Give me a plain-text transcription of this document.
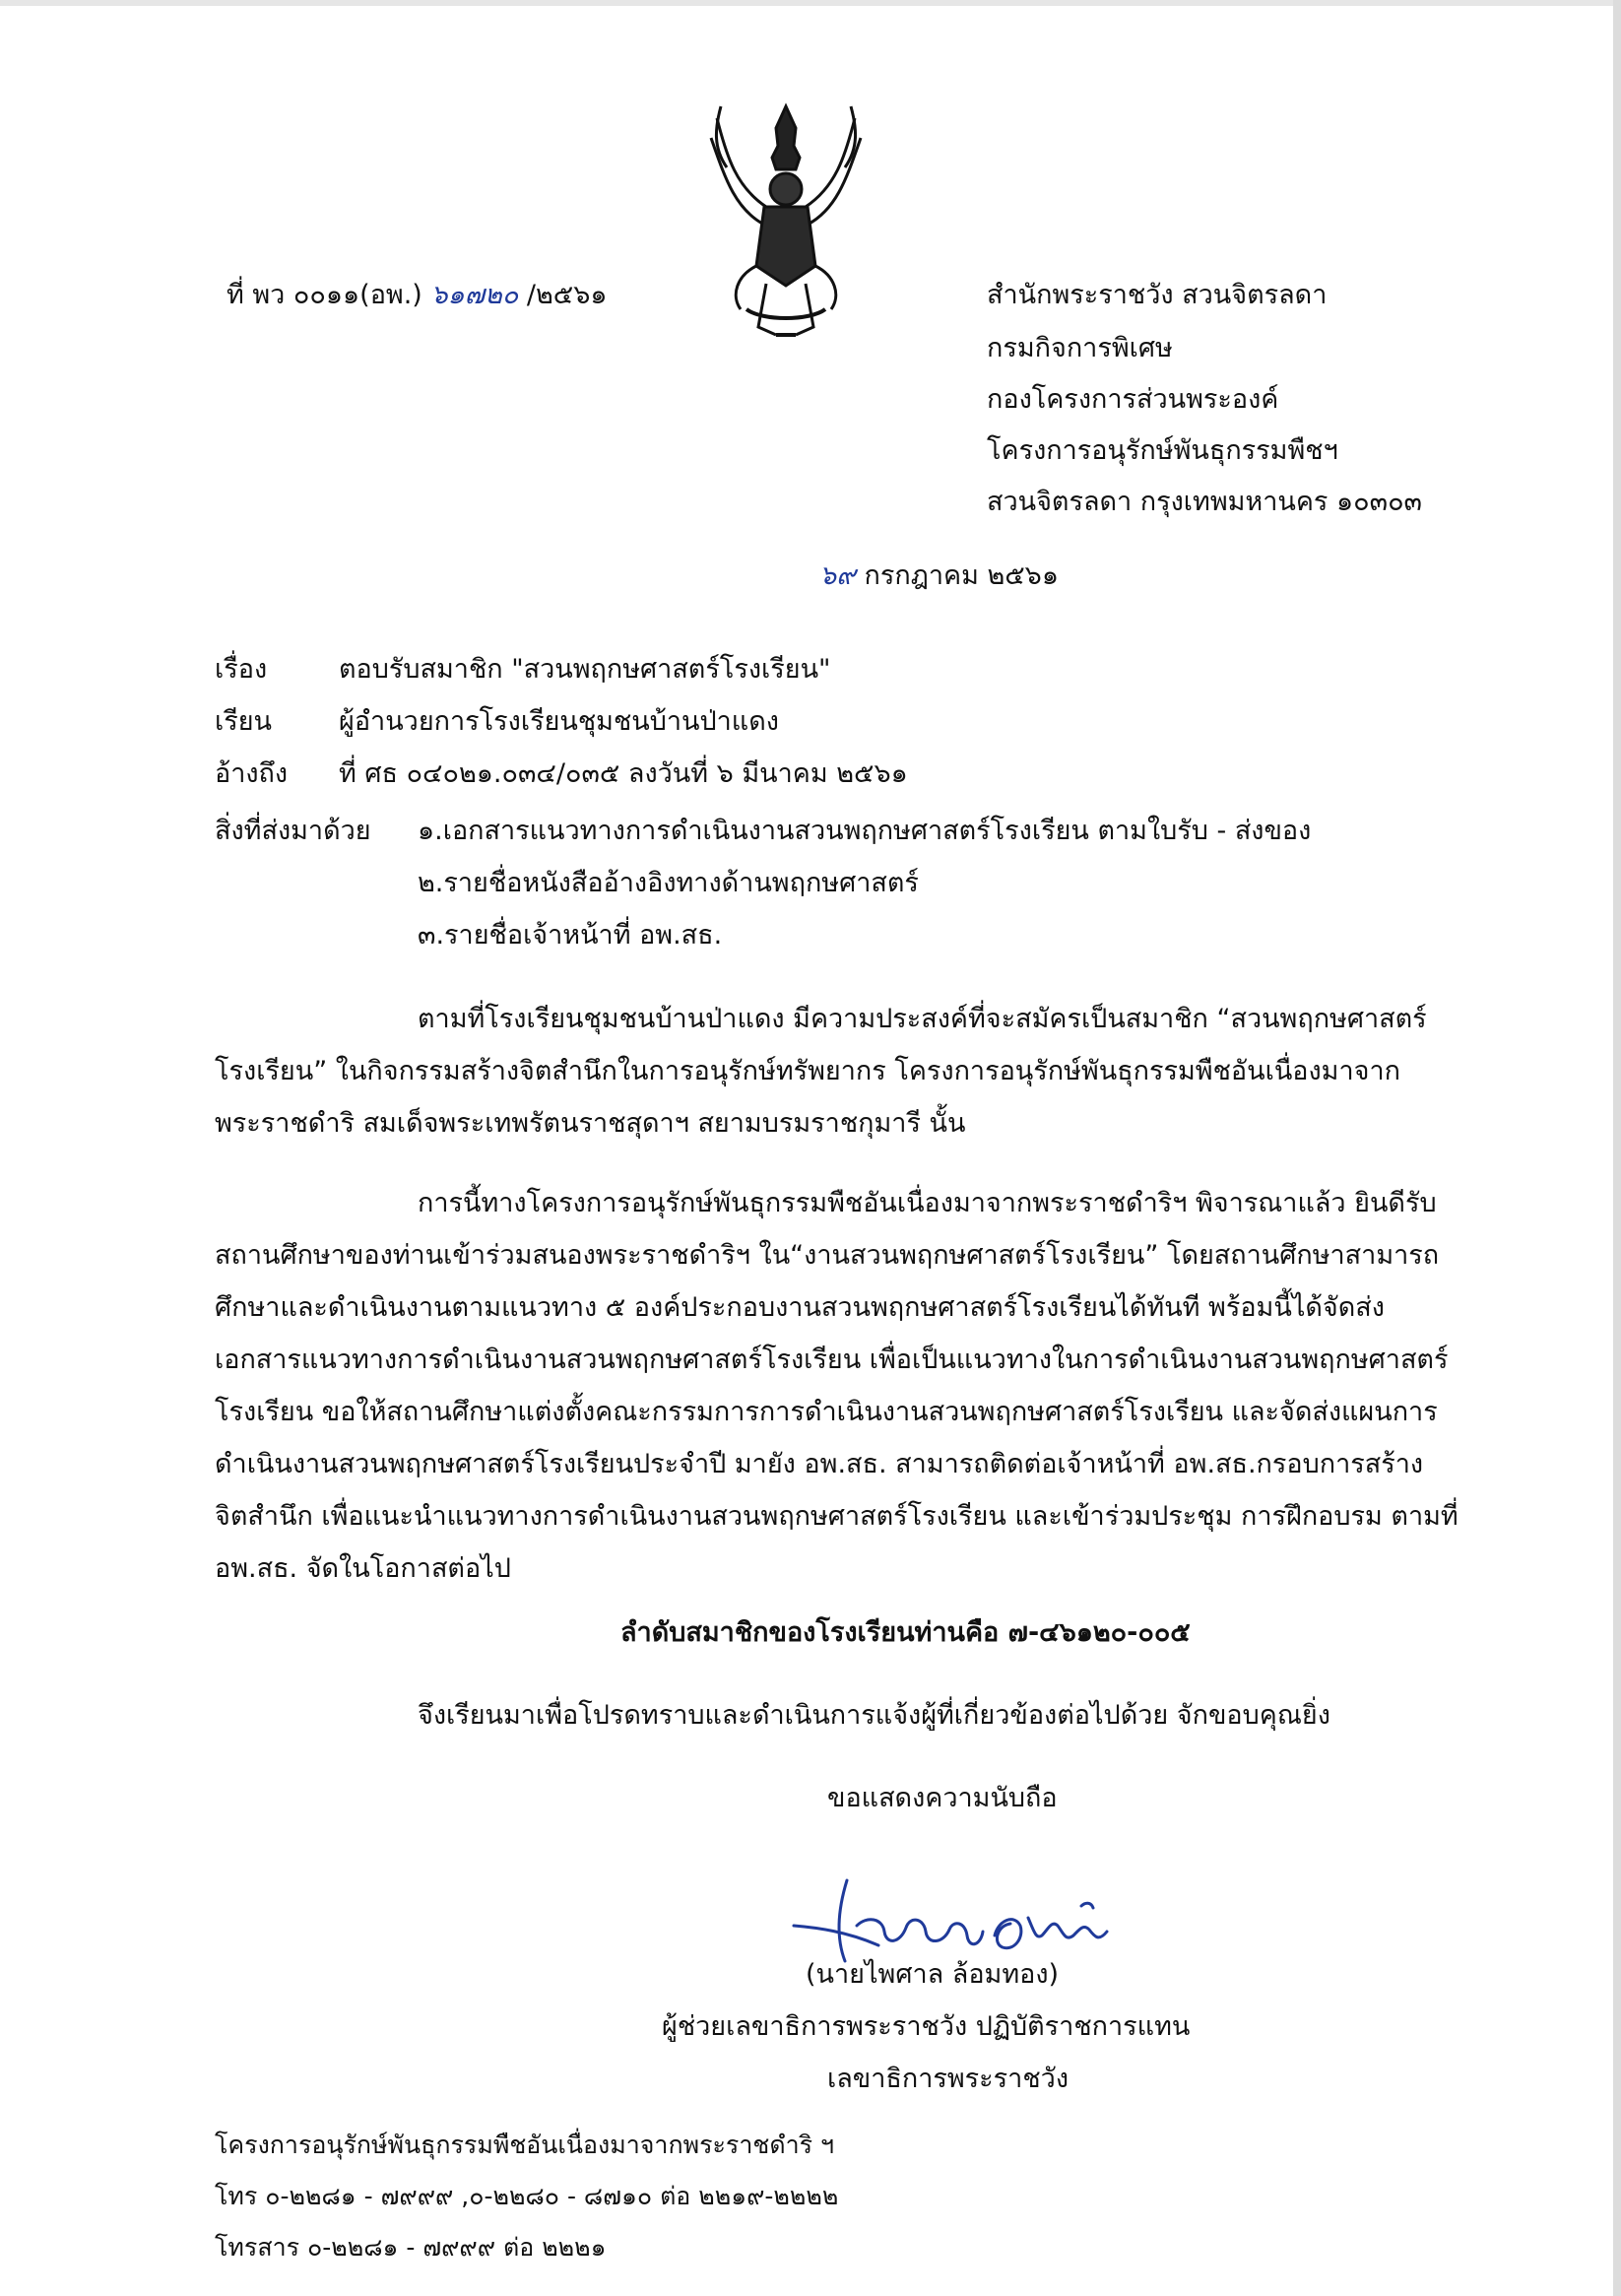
ที่ พว ๐๐๑๑(อพ.) ๖๑๗๒๐ /๒๕๖๑	สำนักพระราชวัง สวนจิตรลดา
กรมกิจการพิเศษ
กองโครงการส่วนพระองค์
โครงการอนุรักษ์พันธุกรรมพืชฯ
สวนจิตรลดา กรุงเทพมหานคร ๑๐๓๐๓
๖๙ กรกฎาคม ๒๕๖๑
เรื่อง	ตอบรับสมาชิก "สวนพฤกษศาสตร์โรงเรียน"
เรียน	ผู้อำนวยการโรงเรียนชุมชนบ้านป่าแดง
อ้างถึง ที่ ศธ ๐๔๐๒๑.๐๓๔/๐๓๕ ลงวันที่ ๖ มีนาคม ๒๕๖๑
สิ่งที่ส่งมาด้วย ๑.เอกสารแนวทางการดำเนินงานสวนพฤกษศาสตร์โรงเรียน ตามใบรับ - ส่งของ
๒.รายชื่อหนังสืออ้างอิงทางด้านพฤกษศาสตร์
๓.รายชื่อเจ้าหน้าที่ อพ.สธ.
ตามที่โรงเรียนชุมชนบ้านป่าแดง มีความประสงค์ที่จะสมัครเป็นสมาชิก “สวนพฤกษศาสตร์
โรงเรียน” ในกิจกรรมสร้างจิตสำนึกในการอนุรักษ์ทรัพยากร โครงการอนุรักษ์พันธุกรรมพืชอันเนื่องมาจาก
พระราชดำริ สมเด็จพระเทพรัตนราชสุดาฯ สยามบรมราชกุมารี นั้น
การนี้ทางโครงการอนุรักษ์พันธุกรรมพืชอันเนื่องมาจากพระราชดำริฯ พิจารณาแล้ว ยินดีรับ
สถานศึกษาของท่านเข้าร่วมสนองพระราชดำริฯ ใน“งานสวนพฤกษศาสตร์โรงเรียน” โดยสถานศึกษาสามารถ
ศึกษาและดำเนินงานตามแนวทาง ๕ องค์ประกอบงานสวนพฤกษศาสตร์โรงเรียนได้ทันที พร้อมนี้ได้จัดส่ง
เอกสารแนวทางการดำเนินงานสวนพฤกษศาสตร์โรงเรียน เพื่อเป็นแนวทางในการดำเนินงานสวนพฤกษศาสตร์
โรงเรียน ขอให้สถานศึกษาแต่งตั้งคณะกรรมการการดำเนินงานสวนพฤกษศาสตร์โรงเรียน และจัดส่งแผนการ
ดำเนินงานสวนพฤกษศาสตร์โรงเรียนประจำปี มายัง อพ.สธ. สามารถติดต่อเจ้าหน้าที่ อพ.สธ.กรอบการสร้าง
จิตสำนึก เพื่อแนะนำแนวทางการดำเนินงานสวนพฤกษศาสตร์โรงเรียน และเข้าร่วมประชุม การฝึกอบรม ตามที่
อพ.สธ. จัดในโอกาสต่อไป
ลำดับสมาชิกของโรงเรียนท่านคือ ๗-๔๖๑๒๐-๐๐๕
จึงเรียนมาเพื่อโปรดทราบและดำเนินการแจ้งผู้ที่เกี่ยวข้องต่อไปด้วย จักขอบคุณยิ่ง
ขอแสดงความนับถือ
(นายไพศาล ล้อมทอง)
ผู้ช่วยเลขาธิการพระราชวัง ปฏิบัติราชการแทน
เลขาธิการพระราชวัง
โครงการอนุรักษ์พันธุกรรมพืชอันเนื่องมาจากพระราชดำริ ฯ
โทร ๐-๒๒๘๑ - ๗๙๙๙ ,๐-๒๒๘๐ - ๘๗๑๐ ต่อ ๒๒๑๙-๒๒๒๒
โทรสาร ๐-๒๒๘๑ - ๗๙๙๙ ต่อ ๒๒๒๑
